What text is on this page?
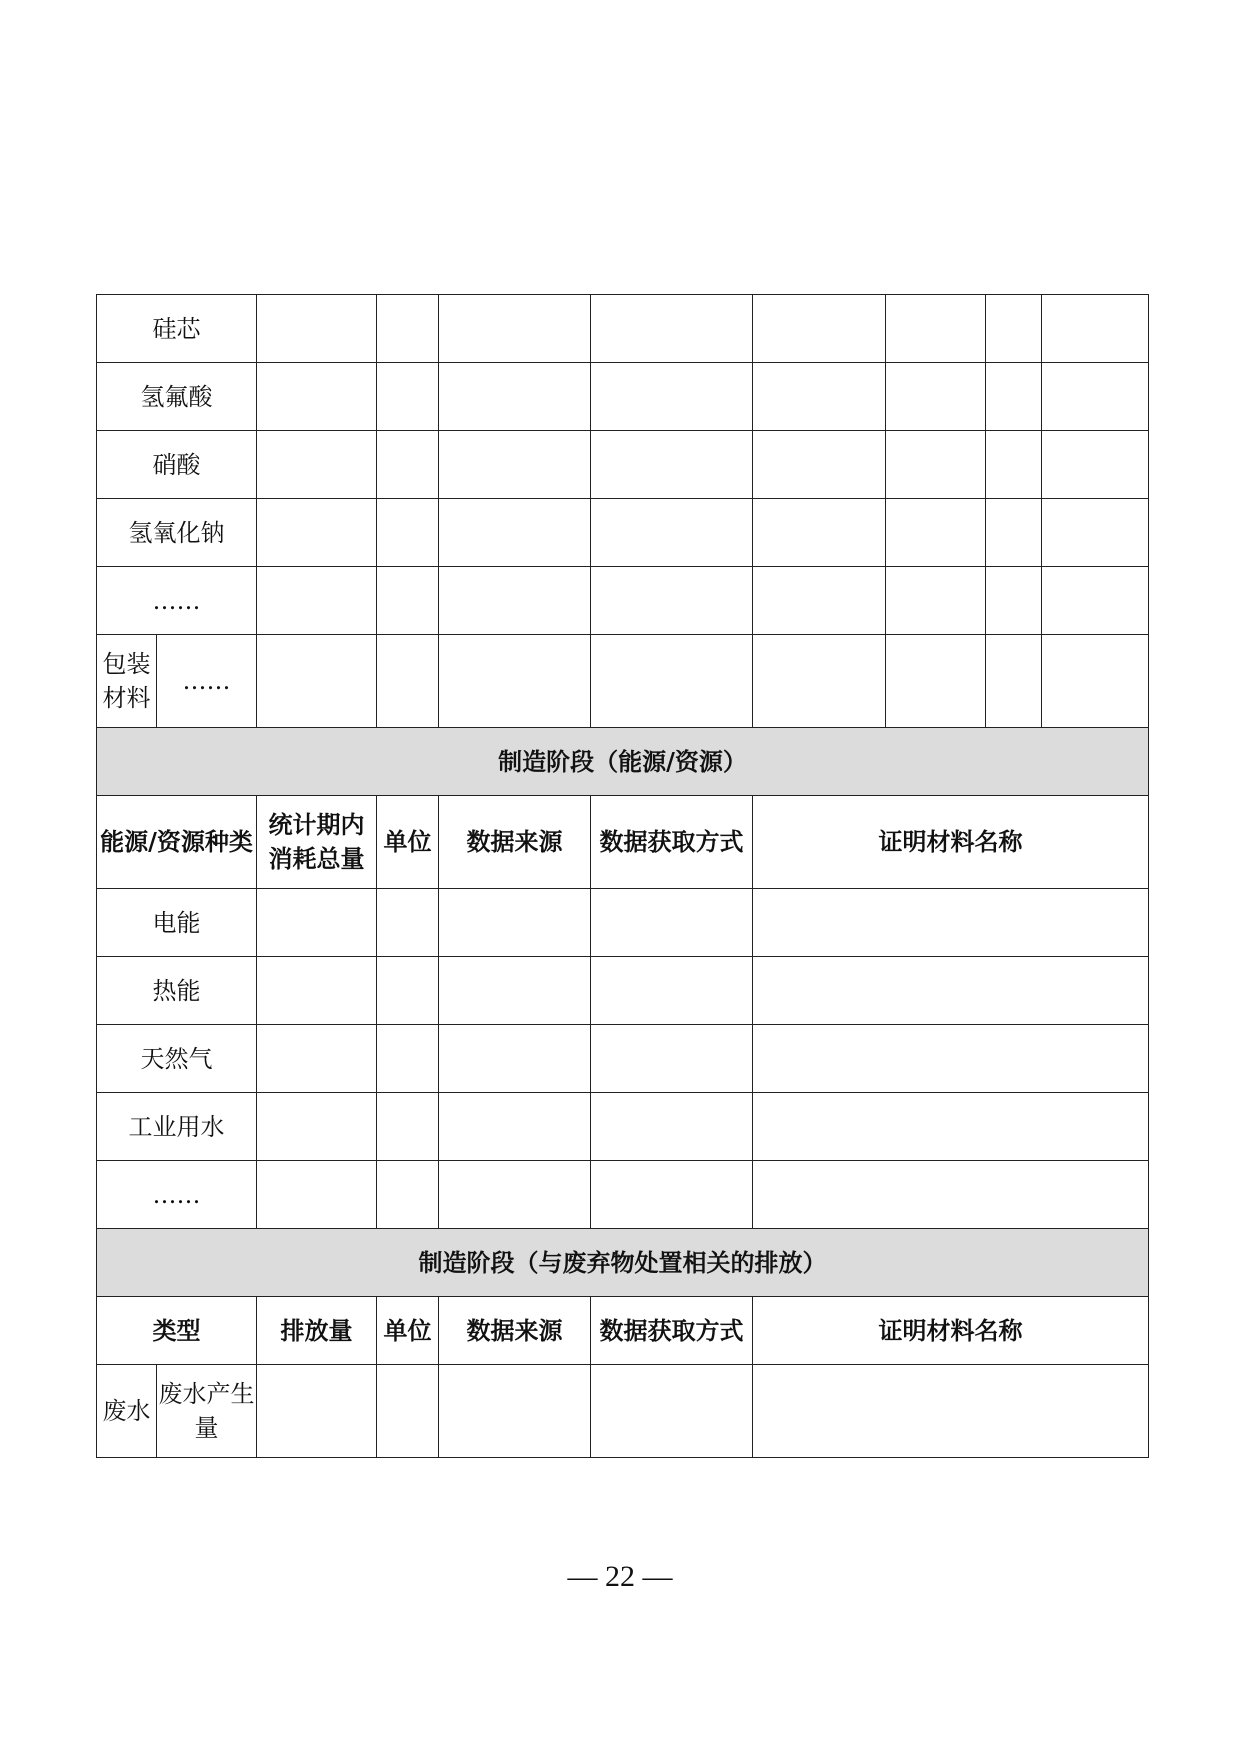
硅芯									
氢氟酸									
硝酸									
氢氧化钠									
……									
包装材料	……								
制造阶段（能源/资源）									
能源/资源种类		统计期内消耗总量	单位	数据来源	数据获取方式	证明材料名称			
电能									
热能									
天然气									
工业用水									
……									
制造阶段（与废弃物处置相关的排放）									
类型		排放量	单位	数据来源	数据获取方式	证明材料名称			
废水	废水产生量								
— 22 —
